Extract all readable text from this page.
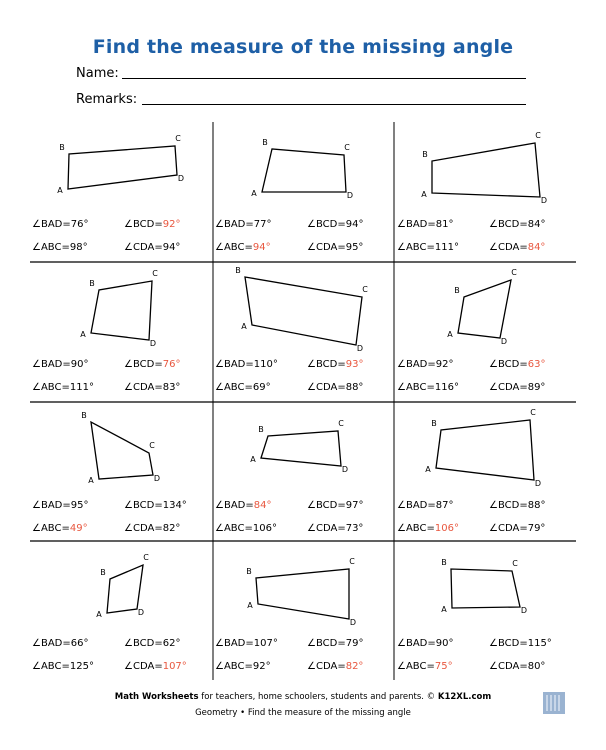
Find the measure of the missing angle
Name:
Remarks:
A
B
C
D
A
B
C
D	A
B
C
D
A
B
C
D
A
B
C
D
A
B
C
D
A
B
C
D
A
B
C
D	A
B
C
D
A
B
C
D
A
B
C
D
A
B	C
D
∠BAD=76°	∠BCD=92°
∠ABC=98°	∠CDA=94°
∠BAD=77°	∠BCD=94°
∠ABC=94°	∠CDA=95°
∠BAD=81°	∠BCD=84°
∠ABC=111°	∠CDA=84°
∠BAD=90°	∠BCD=76°
∠ABC=111°	∠CDA=83°
∠BAD=110°	∠BCD=93°
∠ABC=69°	∠CDA=88°
∠BAD=92°	∠BCD=63°
∠ABC=116°	∠CDA=89°
∠BAD=95°	∠BCD=134°
∠ABC=49°	∠CDA=82°
∠BAD=84°	∠BCD=97°
∠ABC=106°	∠CDA=73°
∠BAD=87°	∠BCD=88°
∠ABC=106°	∠CDA=79°
∠BAD=66°	∠BCD=62°
∠ABC=125°	∠CDA=107°
∠BAD=107°	∠BCD=79°
∠ABC=92°	∠CDA=82°
∠BAD=90°	∠BCD=115°
∠ABC=75°	∠CDA=80°
Math Worksheets for teachers, home schoolers, students and parents. © K12XL.com
Geometry • Find the measure of the missing angle
